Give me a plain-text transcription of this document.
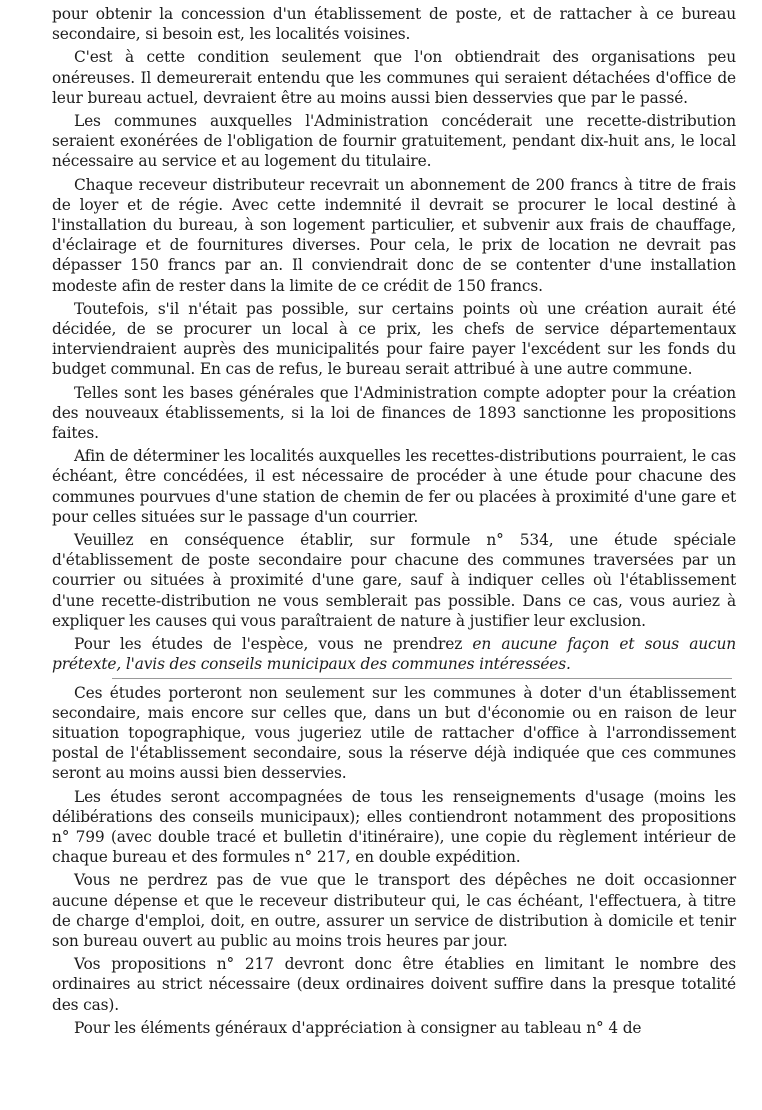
pour obtenir la concession d'un établissement de poste, et de rattacher à ce bureau secondaire, si besoin est, les localités voisines.

C'est à cette condition seulement que l'on obtiendrait des organisations peu onéreuses. Il demeurerait entendu que les communes qui seraient détachées d'office de leur bureau actuel, devraient être au moins aussi bien desservies que par le passé.

Les communes auxquelles l'Administration concéderait une recette-distribution seraient exonérées de l'obligation de fournir gratuitement, pendant dix-huit ans, le local nécessaire au service et au logement du titulaire.

Chaque receveur distributeur recevrait un abonnement de 200 francs à titre de frais de loyer et de régie. Avec cette indemnité il devrait se procurer le local destiné à l'installation du bureau, à son logement particulier, et subvenir aux frais de chauffage, d'éclairage et de fournitures diverses. Pour cela, le prix de location ne devrait pas dépasser 150 francs par an. Il conviendrait donc de se contenter d'une installation modeste afin de rester dans la limite de ce crédit de 150 francs.

Toutefois, s'il n'était pas possible, sur certains points où une création aurait été décidée, de se procurer un local à ce prix, les chefs de service départementaux interviendraient auprès des municipalités pour faire payer l'excédent sur les fonds du budget communal. En cas de refus, le bureau serait attribué à une autre commune.

Telles sont les bases générales que l'Administration compte adopter pour la création des nouveaux établissements, si la loi de finances de 1893 sanctionne les propositions faites.

Afin de déterminer les localités auxquelles les recettes-distributions pourraient, le cas échéant, être concédées, il est nécessaire de procéder à une étude pour chacune des communes pourvues d'une station de chemin de fer ou placées à proximité d'une gare et pour celles situées sur le passage d'un courrier.

Veuillez en conséquence établir, sur formule n° 534, une étude spéciale d'établissement de poste secondaire pour chacune des communes traversées par un courrier ou situées à proximité d'une gare, sauf à indiquer celles où l'établissement d'une recette-distribution ne vous semblerait pas possible. Dans ce cas, vous auriez à expliquer les causes qui vous paraîtraient de nature à justifier leur exclusion.

Pour les études de l'espèce, vous ne prendrez en aucune façon et sous aucun prétexte, l'avis des conseils municipaux des communes intéressées.

Ces études porteront non seulement sur les communes à doter d'un établissement secondaire, mais encore sur celles que, dans un but d'économie ou en raison de leur situation topographique, vous jugeriez utile de rattacher d'office à l'arrondissement postal de l'établissement secondaire, sous la réserve déjà indiquée que ces communes seront au moins aussi bien desservies.

Les études seront accompagnées de tous les renseignements d'usage (moins les délibérations des conseils municipaux); elles contiendront notamment des propositions n° 799 (avec double tracé et bulletin d'itinéraire), une copie du règlement intérieur de chaque bureau et des formules n° 217, en double expédition.

Vous ne perdrez pas de vue que le transport des dépêches ne doit occasionner aucune dépense et que le receveur distributeur qui, le cas échéant, l'effectuera, à titre de charge d'emploi, doit, en outre, assurer un service de distribution à domicile et tenir son bureau ouvert au public au moins trois heures par jour.

Vos propositions n° 217 devront donc être établies en limitant le nombre des ordinaires au strict nécessaire (deux ordinaires doivent suffire dans la presque totalité des cas).

Pour les éléments généraux d'appréciation à consigner au tableau n° 4 de
